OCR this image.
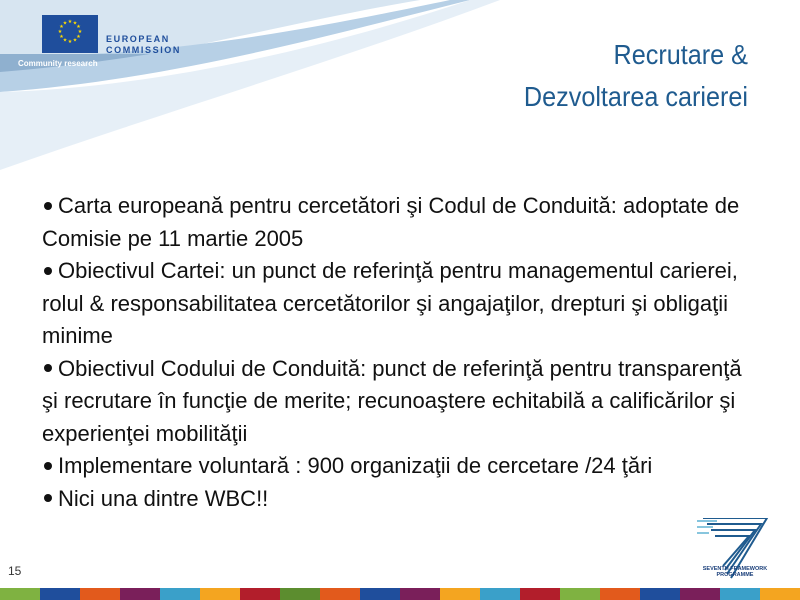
★ ★
★
★
★
★
★
★
★
★
★
★
EUROPEAN
COMMISSION
Community research	Recrutare &
Dezvoltarea carierei

Carta europeană pentru cercetători şi Codul de Conduită: adoptate de Comisie pe 11 martie 2005

Obiectivul Cartei: un punct de referinţă pentru managementul carierei, rolul & responsabilitatea cercetătorilor şi angajaţilor, drepturi şi obligaţii minime

Obiectivul Codului de Conduită: punct de referinţă pentru transparenţă şi recrutare în funcţie de merite; recunoaştere echitabilă a calificărilor şi experienţei mobilităţii

Implementare voluntară : 900 organizaţii de cercetare /24 ţări

Nici una dintre WBC!!

15	SEVENTH FRAMEWORK
PROGRAMME
